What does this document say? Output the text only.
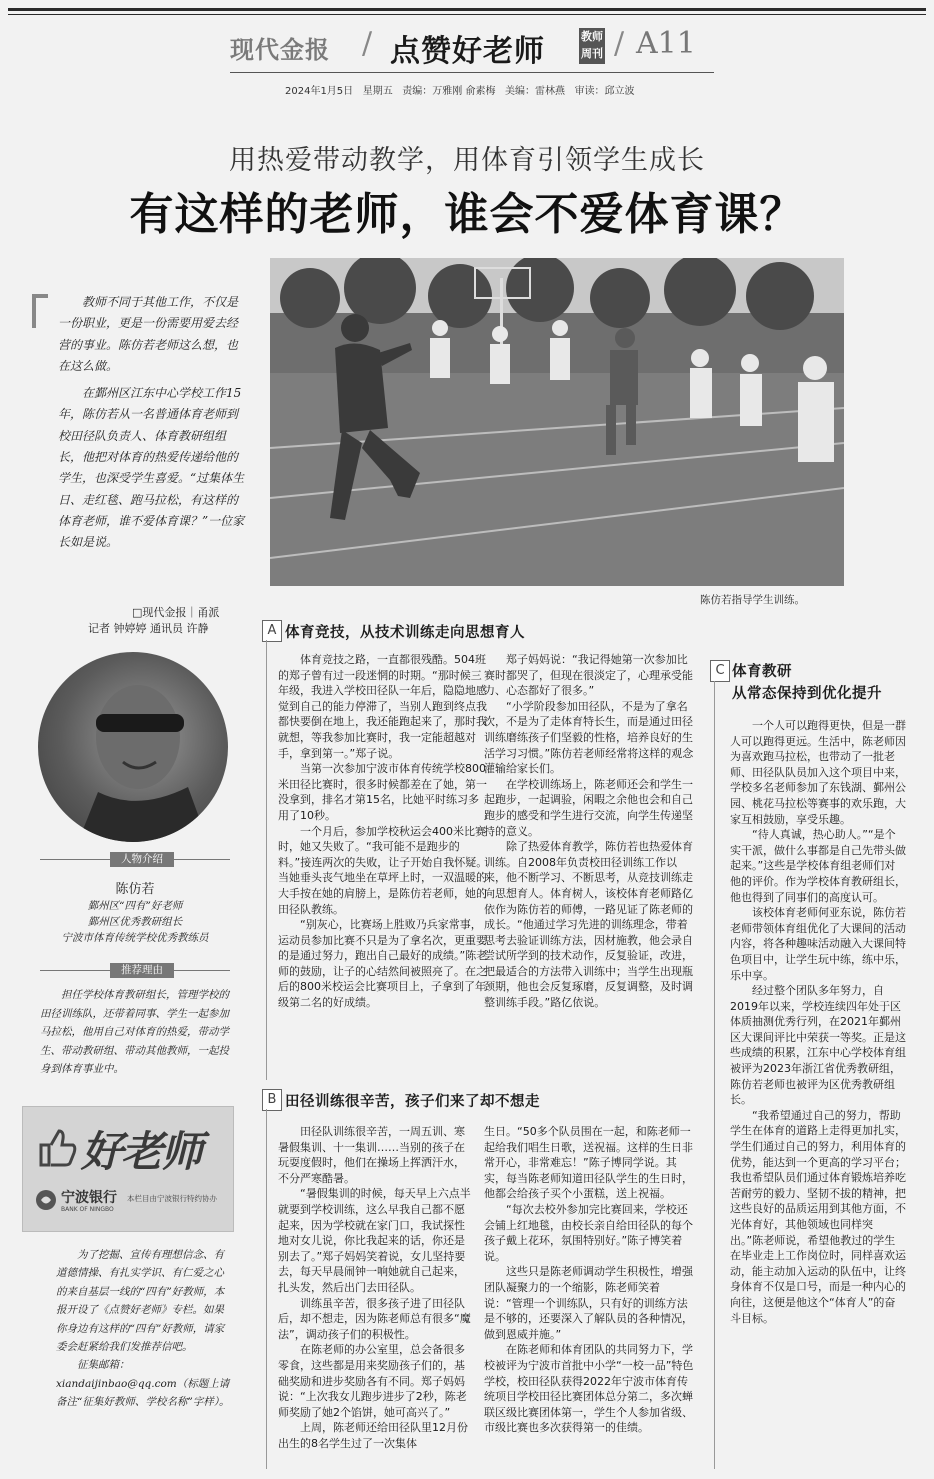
现代金报 / 点赞好老师	教师
周刊 / A11
2024年1月5日 星期五 责编：万雅刚 俞素梅 美编：雷林燕 审读：邱立波
用热爱带动教学，用体育引领学生成长
有这样的老师，谁会不爱体育课？
陈仿若指导学生训练。

教师不同于其他工作，不仅是一份职业，更是一份需要用爱去经营的事业。陈仿若老师这么想，也在这么做。

在鄞州区江东中心学校工作15年，陈仿若从一名普通体育老师到校田径队负责人、体育教研组组长，他把对体育的热爱传递给他的学生，也深受学生喜爱。“过集体生日、走红毯、跑马拉松，有这样的体育老师，谁不爱体育课？”一位家长如是说。

□现代金报｜甬派
记者 钟婷婷 通讯员 许静
人物介绍
陈仿若
鄞州区“四有”好老师
鄞州区优秀教研组长
宁波市体育传统学校优秀教练员
推荐理由

担任学校体育教研组长，管理学校的田径训练队，还带着同事、学生一起参加马拉松，他用自己对体育的热爱，带动学生、带动教研组、带动其他教师，一起投身到体育事业中。

好老师
宁波银行
BANK OF NINGBO
本栏目由宁波银行特约协办

为了挖掘、宣传有理想信念、有道德情操、有扎实学识、有仁爱之心的来自基层一线的“四有”好教师，本报开设了《点赞好老师》专栏。如果你身边有这样的“四有”好教师，请家委会赶紧给我们发推荐信吧。

征集邮箱：xiandaijinbao@qq.com（标题上请备注“征集好教师、学校名称”字样）。

A 体育竞技，从技术训练走向思想育人

体育竞技之路，一直都很残酷。504班的郑子曾有过一段迷惘的时期。“那时候三年级，我进入学校田径队一年后，隐隐地感觉到自己的能力停滞了，当别人跑到终点我都快要倒在地上，我还能跑起来了，那时我就想，等我参加比赛时，我一定能超越对手，拿到第一。”郑子说。

当第一次参加宁波市体育传统学校800米田径比赛时，很多时候都差在了她，第一没拿到，排名才第15名，比她平时练习多用了10秒。

一个月后，参加学校秋运会400米比赛时，她又失败了。“我可能不是跑步的料。”接连两次的失败，让子开始自我怀疑。当她垂头丧气地坐在草坪上时，一双温暖的大手按在她的肩膀上，是陈仿若老师，她的田径队教练。

“别灰心，比赛场上胜败乃兵家常事，运动员参加比赛不只是为了拿名次，更重要的是通过努力，跑出自己最好的成绩。”陈老师的鼓励，让子的心结然间被照亮了。在之后的800米校运会比赛项目上，子拿到了年级第二名的好成绩。

郑子妈妈说：“我记得她第一次参加比赛时都哭了，但现在很淡定了，心理承受能力、心态都好了很多。”

“小学阶段参加田径队，不是为了拿名次，不是为了走体育特长生，而是通过田径训练磨练孩子们坚毅的性格，培养良好的生活学习习惯。”陈仿若老师经常将这样的观念灌输给家长们。

在学校训练场上，陈老师还会和学生一起跑步，一起调验，闲暇之余他也会和自己跑步的感受和学生进行交流，向学生传递坚持的意义。

除了热爱体育教学，陈仿若也热爱体育训练。自2008年负责校田径训练工作以来，他不断学习、不断思考，从竞技训练走向思想育人。体育树人，该校体育老师路亿依作为陈仿若的师傅，一路见证了陈老师的成长。“他通过学习先进的训练理念，带着思考去验证训练方法，因材施教，他会录自尝试所学到的技术动作，反复验证，改进，把最适合的方法带入训练中；当学生出现瓶颈期，他也会反复琢磨，反复调整，及时调整训练手段。”路亿依说。

B 田径训练很辛苦，孩子们来了却不想走

田径队训练很辛苦，一周五训、寒暑假集训、十一集训……当别的孩子在玩耍度假时，他们在操场上挥洒汗水，不分严寒酷暑。

“暑假集训的时候，每天早上六点半就要到学校训练，这么早我自己都不愿起来，因为学校就在家门口，我试探性地对女儿说，你比我起来的话，你还是别去了。”郑子妈妈笑着说，女儿坚持要去，每天早晨闹钟一响她就自己起来，扎头发，然后出门去田径队。

训练虽辛苦，很多孩子进了田径队后，却不想走，因为陈老师总有很多“魔法”，调动孩子们的积极性。

在陈老师的办公室里，总会备很多零食，这些都是用来奖励孩子们的，基础奖励和进步奖励各有不同。郑子妈妈说：“上次我女儿跑步进步了2秒，陈老师奖励了她2个馅饼，她可高兴了。”

上周，陈老师还给田径队里12月份出生的8名学生过了一次集体

生日。“50多个队员围在一起，和陈老师一起给我们唱生日歌，送祝福。这样的生日非常开心，非常难忘！”陈子博同学说。其实，每当陈老师知道田径队学生的生日时，他都会给孩子买个小蛋糕，送上祝福。

“每次去校外参加完比赛回来，学校还会铺上红地毯，由校长亲自给田径队的每个孩子戴上花环，氛围特别好。”陈子博笑着说。

这些只是陈老师调动学生积极性，增强团队凝聚力的一个缩影，陈老师笑着说：“管理一个训练队，只有好的训练方法是不够的，还要深入了解队员的各种情况，做到恩威并施。”

在陈老师和体育团队的共同努力下，学校被评为宁波市首批中小学“一校一品”特色学校，校田径队获得2022年宁波市体育传统项目学校田径比赛团体总分第二，多次蝉联区级比赛团体第一，学生个人参加省级、市级比赛也多次获得第一的佳绩。

C 体育教研
从常态保持到优化提升

一个人可以跑得更快，但是一群人可以跑得更远。生活中，陈老师因为喜欢跑马拉松，也带动了一批老师、田径队队员加入这个项目中来，学校多名老师参加了东钱湖、鄞州公园、桃花马拉松等赛事的欢乐跑，大家互相鼓励，享受乐趣。

“待人真诚，热心助人。”“是个实干派，做什么事都是自己先带头做起来。”这些是学校体育组老师们对他的评价。作为学校体育教研组长，他也得到了同事们的高度认可。

该校体育老师何亚东说，陈仿若老师带领体育组优化了大课间的活动内容，将各种趣味活动融入大课间特色项目中，让学生玩中练，练中乐，乐中享。

经过整个团队多年努力，自2019年以来，学校连续四年处于区体质抽测优秀行列，在2021年鄞州区大课间评比中荣获一等奖。正是这些成绩的积累，江东中心学校体育组被评为2023年浙江省优秀教研组，陈仿若老师也被评为区优秀教研组长。

“我希望通过自己的努力，帮助学生在体育的道路上走得更加扎实，学生们通过自己的努力，利用体育的优势，能达到一个更高的学习平台；我也希望队员们通过体育锻炼培养吃苦耐劳的毅力、坚韧不拔的精神，把这些良好的品质运用到其他方面，不光体育好，其他领域也同样突出。”陈老师说，希望他教过的学生在毕业走上工作岗位时，同样喜欢运动，能主动加入运动的队伍中，让终身体育不仅是口号，而是一种内心的向往，这便是他这个“体育人”的奋斗目标。
